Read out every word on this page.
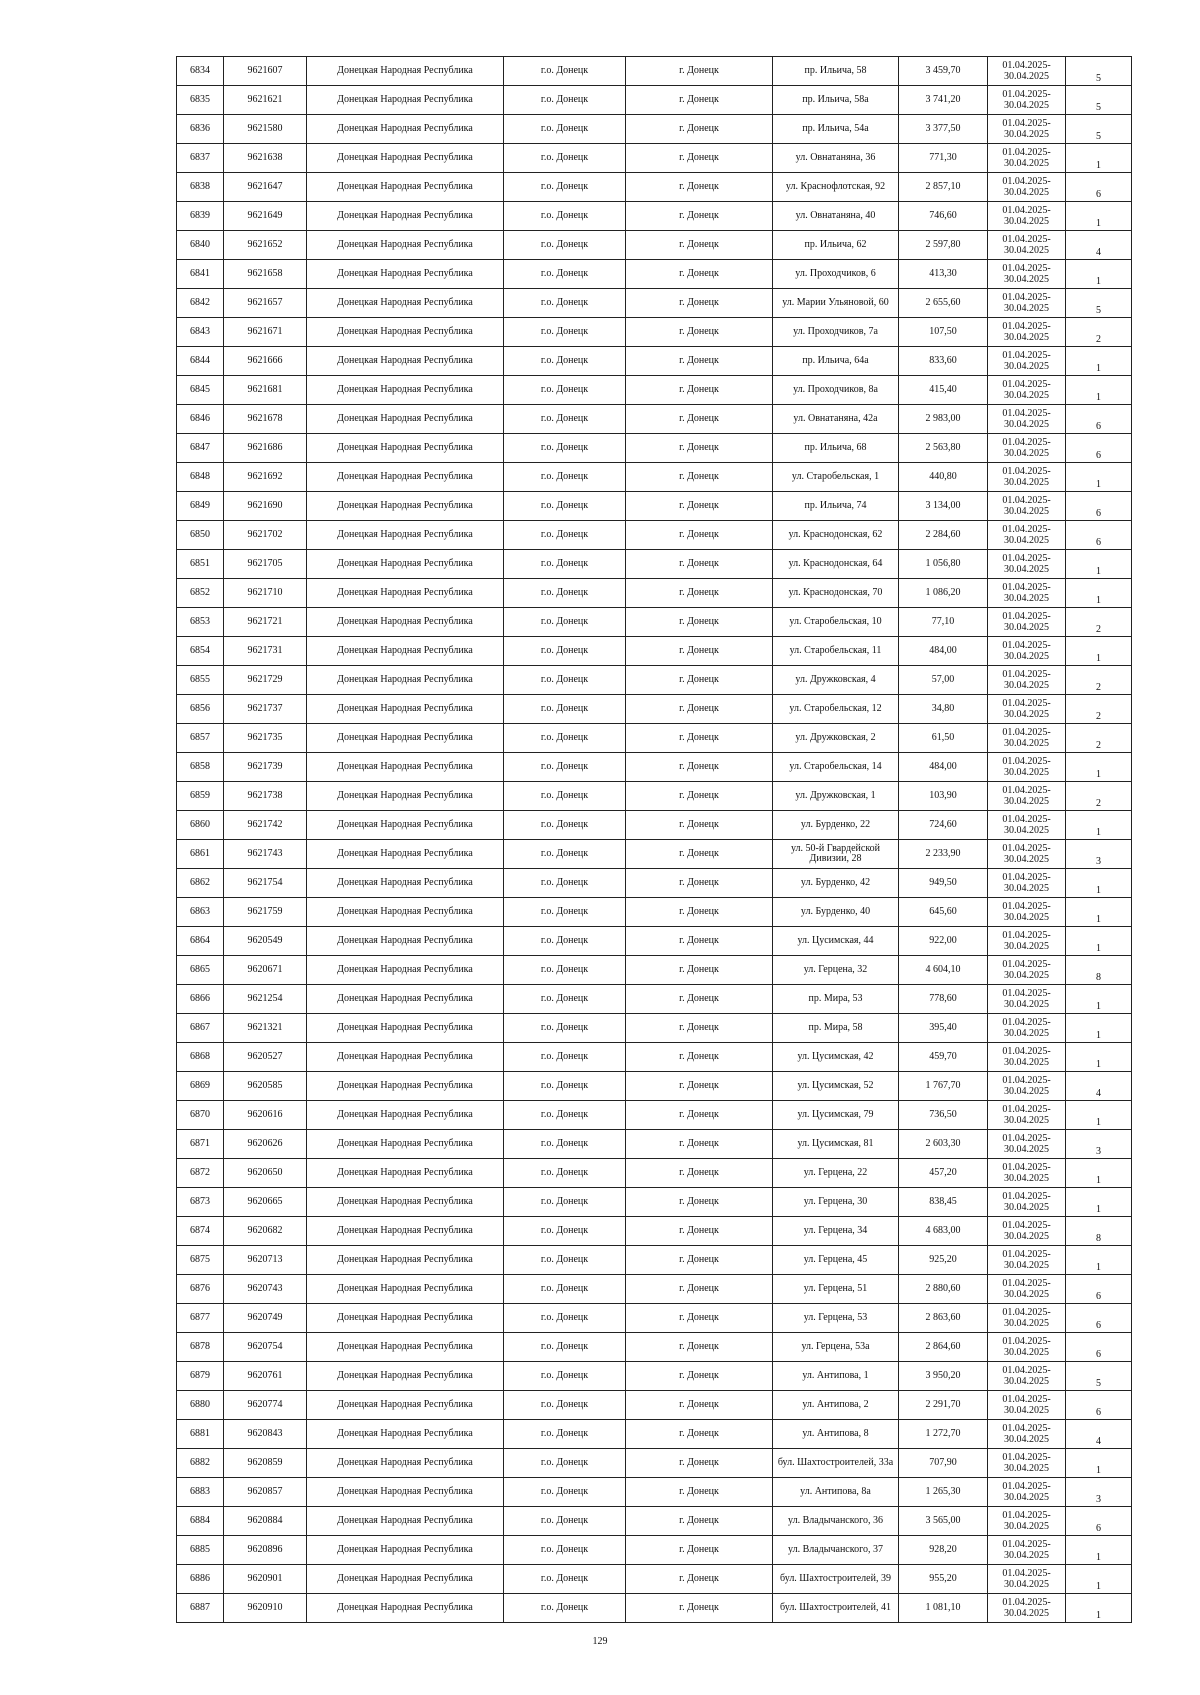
6834	9621607	Донецкая Народная Республика	г.о. Донецк	г. Донецк	пр. Ильича, 58	3 459,70	01.04.2025-30.04.2025	5
6835	9621621	Донецкая Народная Республика	г.о. Донецк	г. Донецк	пр. Ильича, 58а	3 741,20	01.04.2025-30.04.2025	5
6836	9621580	Донецкая Народная Республика	г.о. Донецк	г. Донецк	пр. Ильича, 54а	3 377,50	01.04.2025-30.04.2025	5
6837	9621638	Донецкая Народная Республика	г.о. Донецк	г. Донецк	ул. Овнатаняна, 36	771,30	01.04.2025-30.04.2025	1
6838	9621647	Донецкая Народная Республика	г.о. Донецк	г. Донецк	ул. Краснофлотская, 92	2 857,10	01.04.2025-30.04.2025	6
6839	9621649	Донецкая Народная Республика	г.о. Донецк	г. Донецк	ул. Овнатаняна, 40	746,60	01.04.2025-30.04.2025	1
6840	9621652	Донецкая Народная Республика	г.о. Донецк	г. Донецк	пр. Ильича, 62	2 597,80	01.04.2025-30.04.2025	4
6841	9621658	Донецкая Народная Республика	г.о. Донецк	г. Донецк	ул. Проходчиков, 6	413,30	01.04.2025-30.04.2025	1
6842	9621657	Донецкая Народная Республика	г.о. Донецк	г. Донецк	ул. Марии Ульяновой, 60	2 655,60	01.04.2025-30.04.2025	5
6843	9621671	Донецкая Народная Республика	г.о. Донецк	г. Донецк	ул. Проходчиков, 7а	107,50	01.04.2025-30.04.2025	2
6844	9621666	Донецкая Народная Республика	г.о. Донецк	г. Донецк	пр. Ильича, 64а	833,60	01.04.2025-30.04.2025	1
6845	9621681	Донецкая Народная Республика	г.о. Донецк	г. Донецк	ул. Проходчиков, 8а	415,40	01.04.2025-30.04.2025	1
6846	9621678	Донецкая Народная Республика	г.о. Донецк	г. Донецк	ул. Овнатаняна, 42а	2 983,00	01.04.2025-30.04.2025	6
6847	9621686	Донецкая Народная Республика	г.о. Донецк	г. Донецк	пр. Ильича, 68	2 563,80	01.04.2025-30.04.2025	6
6848	9621692	Донецкая Народная Республика	г.о. Донецк	г. Донецк	ул. Старобельская, 1	440,80	01.04.2025-30.04.2025	1
6849	9621690	Донецкая Народная Республика	г.о. Донецк	г. Донецк	пр. Ильича, 74	3 134,00	01.04.2025-30.04.2025	6
6850	9621702	Донецкая Народная Республика	г.о. Донецк	г. Донецк	ул. Краснодонская, 62	2 284,60	01.04.2025-30.04.2025	6
6851	9621705	Донецкая Народная Республика	г.о. Донецк	г. Донецк	ул. Краснодонская, 64	1 056,80	01.04.2025-30.04.2025	1
6852	9621710	Донецкая Народная Республика	г.о. Донецк	г. Донецк	ул. Краснодонская, 70	1 086,20	01.04.2025-30.04.2025	1
6853	9621721	Донецкая Народная Республика	г.о. Донецк	г. Донецк	ул. Старобельская, 10	77,10	01.04.2025-30.04.2025	2
6854	9621731	Донецкая Народная Республика	г.о. Донецк	г. Донецк	ул. Старобельская, 11	484,00	01.04.2025-30.04.2025	1
6855	9621729	Донецкая Народная Республика	г.о. Донецк	г. Донецк	ул. Дружковская, 4	57,00	01.04.2025-30.04.2025	2
6856	9621737	Донецкая Народная Республика	г.о. Донецк	г. Донецк	ул. Старобельская, 12	34,80	01.04.2025-30.04.2025	2
6857	9621735	Донецкая Народная Республика	г.о. Донецк	г. Донецк	ул. Дружковская, 2	61,50	01.04.2025-30.04.2025	2
6858	9621739	Донецкая Народная Республика	г.о. Донецк	г. Донецк	ул. Старобельская, 14	484,00	01.04.2025-30.04.2025	1
6859	9621738	Донецкая Народная Республика	г.о. Донецк	г. Донецк	ул. Дружковская, 1	103,90	01.04.2025-30.04.2025	2
6860	9621742	Донецкая Народная Республика	г.о. Донецк	г. Донецк	ул. Бурденко, 22	724,60	01.04.2025-30.04.2025	1
6861	9621743	Донецкая Народная Республика	г.о. Донецк	г. Донецк	ул. 50-й Гвардейской Дивизии, 28	2 233,90	01.04.2025-30.04.2025	3
6862	9621754	Донецкая Народная Республика	г.о. Донецк	г. Донецк	ул. Бурденко, 42	949,50	01.04.2025-30.04.2025	1
6863	9621759	Донецкая Народная Республика	г.о. Донецк	г. Донецк	ул. Бурденко, 40	645,60	01.04.2025-30.04.2025	1
6864	9620549	Донецкая Народная Республика	г.о. Донецк	г. Донецк	ул. Цусимская, 44	922,00	01.04.2025-30.04.2025	1
6865	9620671	Донецкая Народная Республика	г.о. Донецк	г. Донецк	ул. Герцена, 32	4 604,10	01.04.2025-30.04.2025	8
6866	9621254	Донецкая Народная Республика	г.о. Донецк	г. Донецк	пр. Мира, 53	778,60	01.04.2025-30.04.2025	1
6867	9621321	Донецкая Народная Республика	г.о. Донецк	г. Донецк	пр. Мира, 58	395,40	01.04.2025-30.04.2025	1
6868	9620527	Донецкая Народная Республика	г.о. Донецк	г. Донецк	ул. Цусимская, 42	459,70	01.04.2025-30.04.2025	1
6869	9620585	Донецкая Народная Республика	г.о. Донецк	г. Донецк	ул. Цусимская, 52	1 767,70	01.04.2025-30.04.2025	4
6870	9620616	Донецкая Народная Республика	г.о. Донецк	г. Донецк	ул. Цусимская, 79	736,50	01.04.2025-30.04.2025	1
6871	9620626	Донецкая Народная Республика	г.о. Донецк	г. Донецк	ул. Цусимская, 81	2 603,30	01.04.2025-30.04.2025	3
6872	9620650	Донецкая Народная Республика	г.о. Донецк	г. Донецк	ул. Герцена, 22	457,20	01.04.2025-30.04.2025	1
6873	9620665	Донецкая Народная Республика	г.о. Донецк	г. Донецк	ул. Герцена, 30	838,45	01.04.2025-30.04.2025	1
6874	9620682	Донецкая Народная Республика	г.о. Донецк	г. Донецк	ул. Герцена, 34	4 683,00	01.04.2025-30.04.2025	8
6875	9620713	Донецкая Народная Республика	г.о. Донецк	г. Донецк	ул. Герцена, 45	925,20	01.04.2025-30.04.2025	1
6876	9620743	Донецкая Народная Республика	г.о. Донецк	г. Донецк	ул. Герцена, 51	2 880,60	01.04.2025-30.04.2025	6
6877	9620749	Донецкая Народная Республика	г.о. Донецк	г. Донецк	ул. Герцена, 53	2 863,60	01.04.2025-30.04.2025	6
6878	9620754	Донецкая Народная Республика	г.о. Донецк	г. Донецк	ул. Герцена, 53а	2 864,60	01.04.2025-30.04.2025	6
6879	9620761	Донецкая Народная Республика	г.о. Донецк	г. Донецк	ул. Антипова, 1	3 950,20	01.04.2025-30.04.2025	5
6880	9620774	Донецкая Народная Республика	г.о. Донецк	г. Донецк	ул. Антипова, 2	2 291,70	01.04.2025-30.04.2025	6
6881	9620843	Донецкая Народная Республика	г.о. Донецк	г. Донецк	ул. Антипова, 8	1 272,70	01.04.2025-30.04.2025	4
6882	9620859	Донецкая Народная Республика	г.о. Донецк	г. Донецк	бул. Шахтостроителей, 33а	707,90	01.04.2025-30.04.2025	1
6883	9620857	Донецкая Народная Республика	г.о. Донецк	г. Донецк	ул. Антипова, 8а	1 265,30	01.04.2025-30.04.2025	3
6884	9620884	Донецкая Народная Республика	г.о. Донецк	г. Донецк	ул. Владычанского, 36	3 565,00	01.04.2025-30.04.2025	6
6885	9620896	Донецкая Народная Республика	г.о. Донецк	г. Донецк	ул. Владычанского, 37	928,20	01.04.2025-30.04.2025	1
6886	9620901	Донецкая Народная Республика	г.о. Донецк	г. Донецк	бул. Шахтостроителей, 39	955,20	01.04.2025-30.04.2025	1
6887	9620910	Донецкая Народная Республика	г.о. Донецк	г. Донецк	бул. Шахтостроителей, 41	1 081,10	01.04.2025-30.04.2025	1
129
